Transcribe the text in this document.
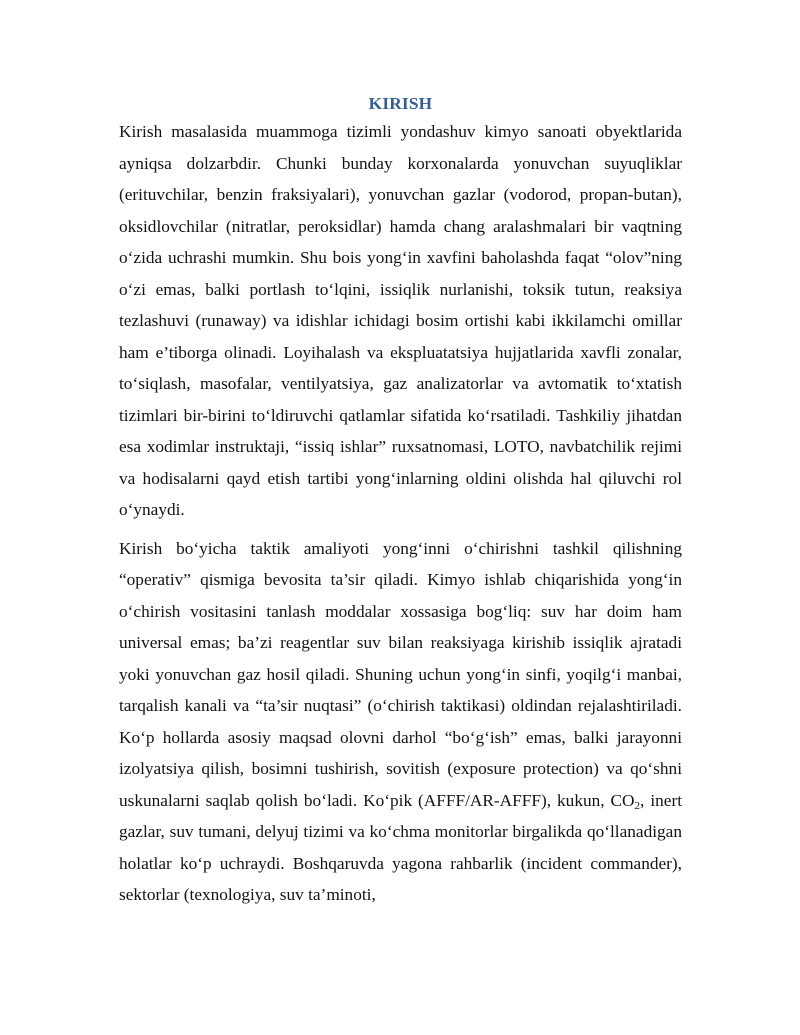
KIRISH

Kirish masalasida muammoga tizimli yondashuv kimyo sanoati obyektlarida ayniqsa dolzarbdir. Chunki bunday korxonalarda yonuvchan suyuqliklar (erituvchilar, benzin fraksiyalari), yonuvchan gazlar (vodorod, propan-butan), oksidlovchilar (nitratlar, peroksidlar) hamda chang aralashmalari bir vaqtning o‘zida uchrashi mumkin. Shu bois yong‘in xavfini baholashda faqat “olov”ning o‘zi emas, balki portlash to‘lqini, issiqlik nurlanishi, toksik tutun, reaksiya tezlashuvi (runaway) va idishlar ichidagi bosim ortishi kabi ikkilamchi omillar ham e’tiborga olinadi. Loyihalash va ekspluatatsiya hujjatlarida xavfli zonalar, to‘siqlash, masofalar, ventilyatsiya, gaz analizatorlar va avtomatik to‘xtatish tizimlari bir-birini to‘ldiruvchi qatlamlar sifatida ko‘rsatiladi. Tashkiliy jihatdan esa xodimlar instruktaji, “issiq ishlar” ruxsatnomasi, LOTO, navbatchilik rejimi va hodisalarni qayd etish tartibi yong‘inlarning oldini olishda hal qiluvchi rol o‘ynaydi.

Kirish bo‘yicha taktik amaliyoti yong‘inni o‘chirishni tashkil qilishning “operativ” qismiga bevosita ta’sir qiladi. Kimyo ishlab chiqarishida yong‘in o‘chirish vositasini tanlash moddalar xossasiga bog‘liq: suv har doim ham universal emas; ba’zi reagentlar suv bilan reaksiyaga kirishib issiqlik ajratadi yoki yonuvchan gaz hosil qiladi. Shuning uchun yong‘in sinfi, yoqilg‘i manbai, tarqalish kanali va “ta’sir nuqtasi” (o‘chirish taktikasi) oldindan rejalashtiriladi. Ko‘p hollarda asosiy maqsad olovni darhol “bo‘g‘ish” emas, balki jarayonni izolyatsiya qilish, bosimni tushirish, sovitish (exposure protection) va qo‘shni uskunalarni saqlab qolish bo‘ladi. Ko‘pik (AFFF/AR-AFFF), kukun, $CO_2$, inert gazlar, suv tumani, delyuj tizimi va ko‘chma monitorlar birgalikda qo‘llanadigan holatlar ko‘p uchraydi. Boshqaruvda yagona rahbarlik (incident commander), sektorlar (texnologiya, suv ta’minoti,
